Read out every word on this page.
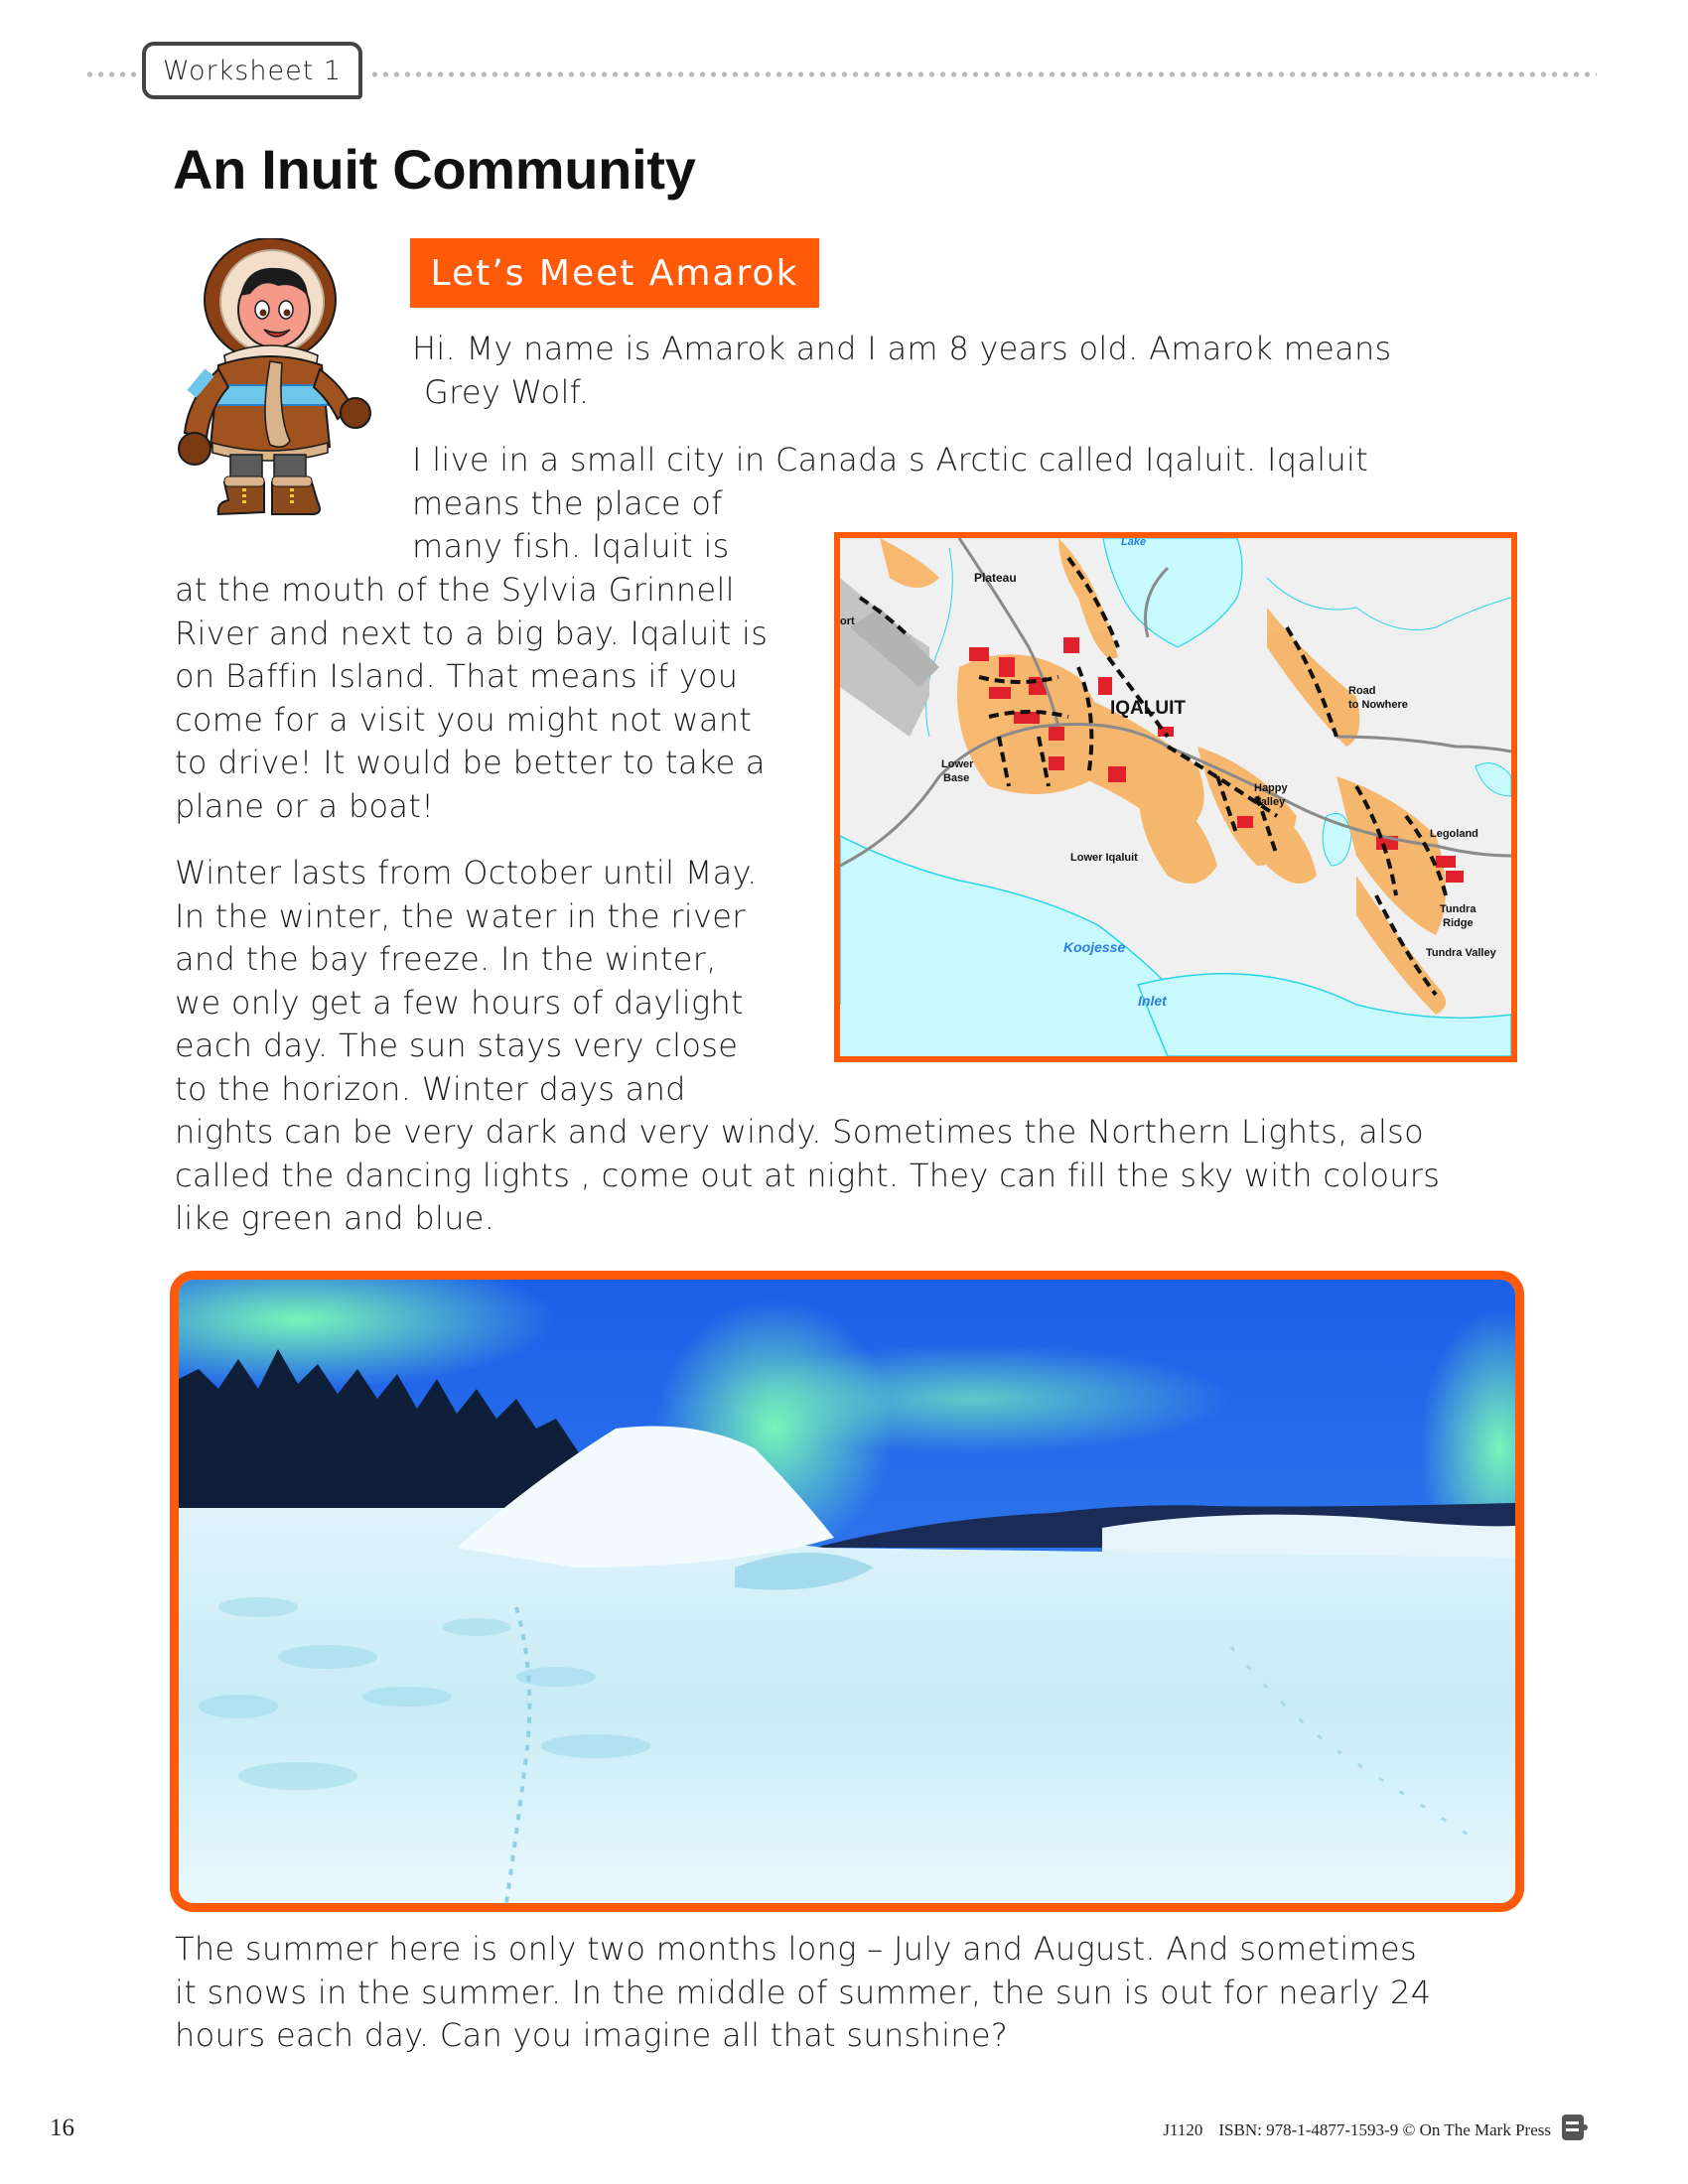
Worksheet 1
An Inuit Community
Let’s Meet Amarok
Hi. My name is Amarok and I am 8 years old. Amarok means
Grey Wolf.
I live in a small city in Canada s Arctic called Iqaluit. Iqaluit
means the place of
many fish. Iqaluit is
at the mouth of the Sylvia Grinnell
River and next to a big bay. Iqaluit is
on Baffin Island. That means if you
come for a visit you might not want
to drive! It would be better to take a
plane or a boat!
Winter lasts from October until May.
In the winter, the water in the river
and the bay freeze. In the winter,
we only get a few hours of daylight
each day. The sun stays very close
to the horizon. Winter days and
nights can be very dark and very windy. Sometimes the Northern Lights, also
called the dancing lights , come out at night. They can fill the sky with colours
like green and blue.
Lake
Plateau
ort
IQALUIT
Road
to Nowhere
Lower
Base
Happy
Valley
Legoland
Lower Iqaluit
Tundra
Ridge
Tundra Valley
Koojesse
Inlet
The summer here is only two months long – July and August. And sometimes
it snows in the summer. In the middle of summer, the sun is out for nearly 24
hours each day. Can you imagine all that sunshine?
16	J1120 ISBN: 978-1-4877-1593-9 © On The Mark Press
